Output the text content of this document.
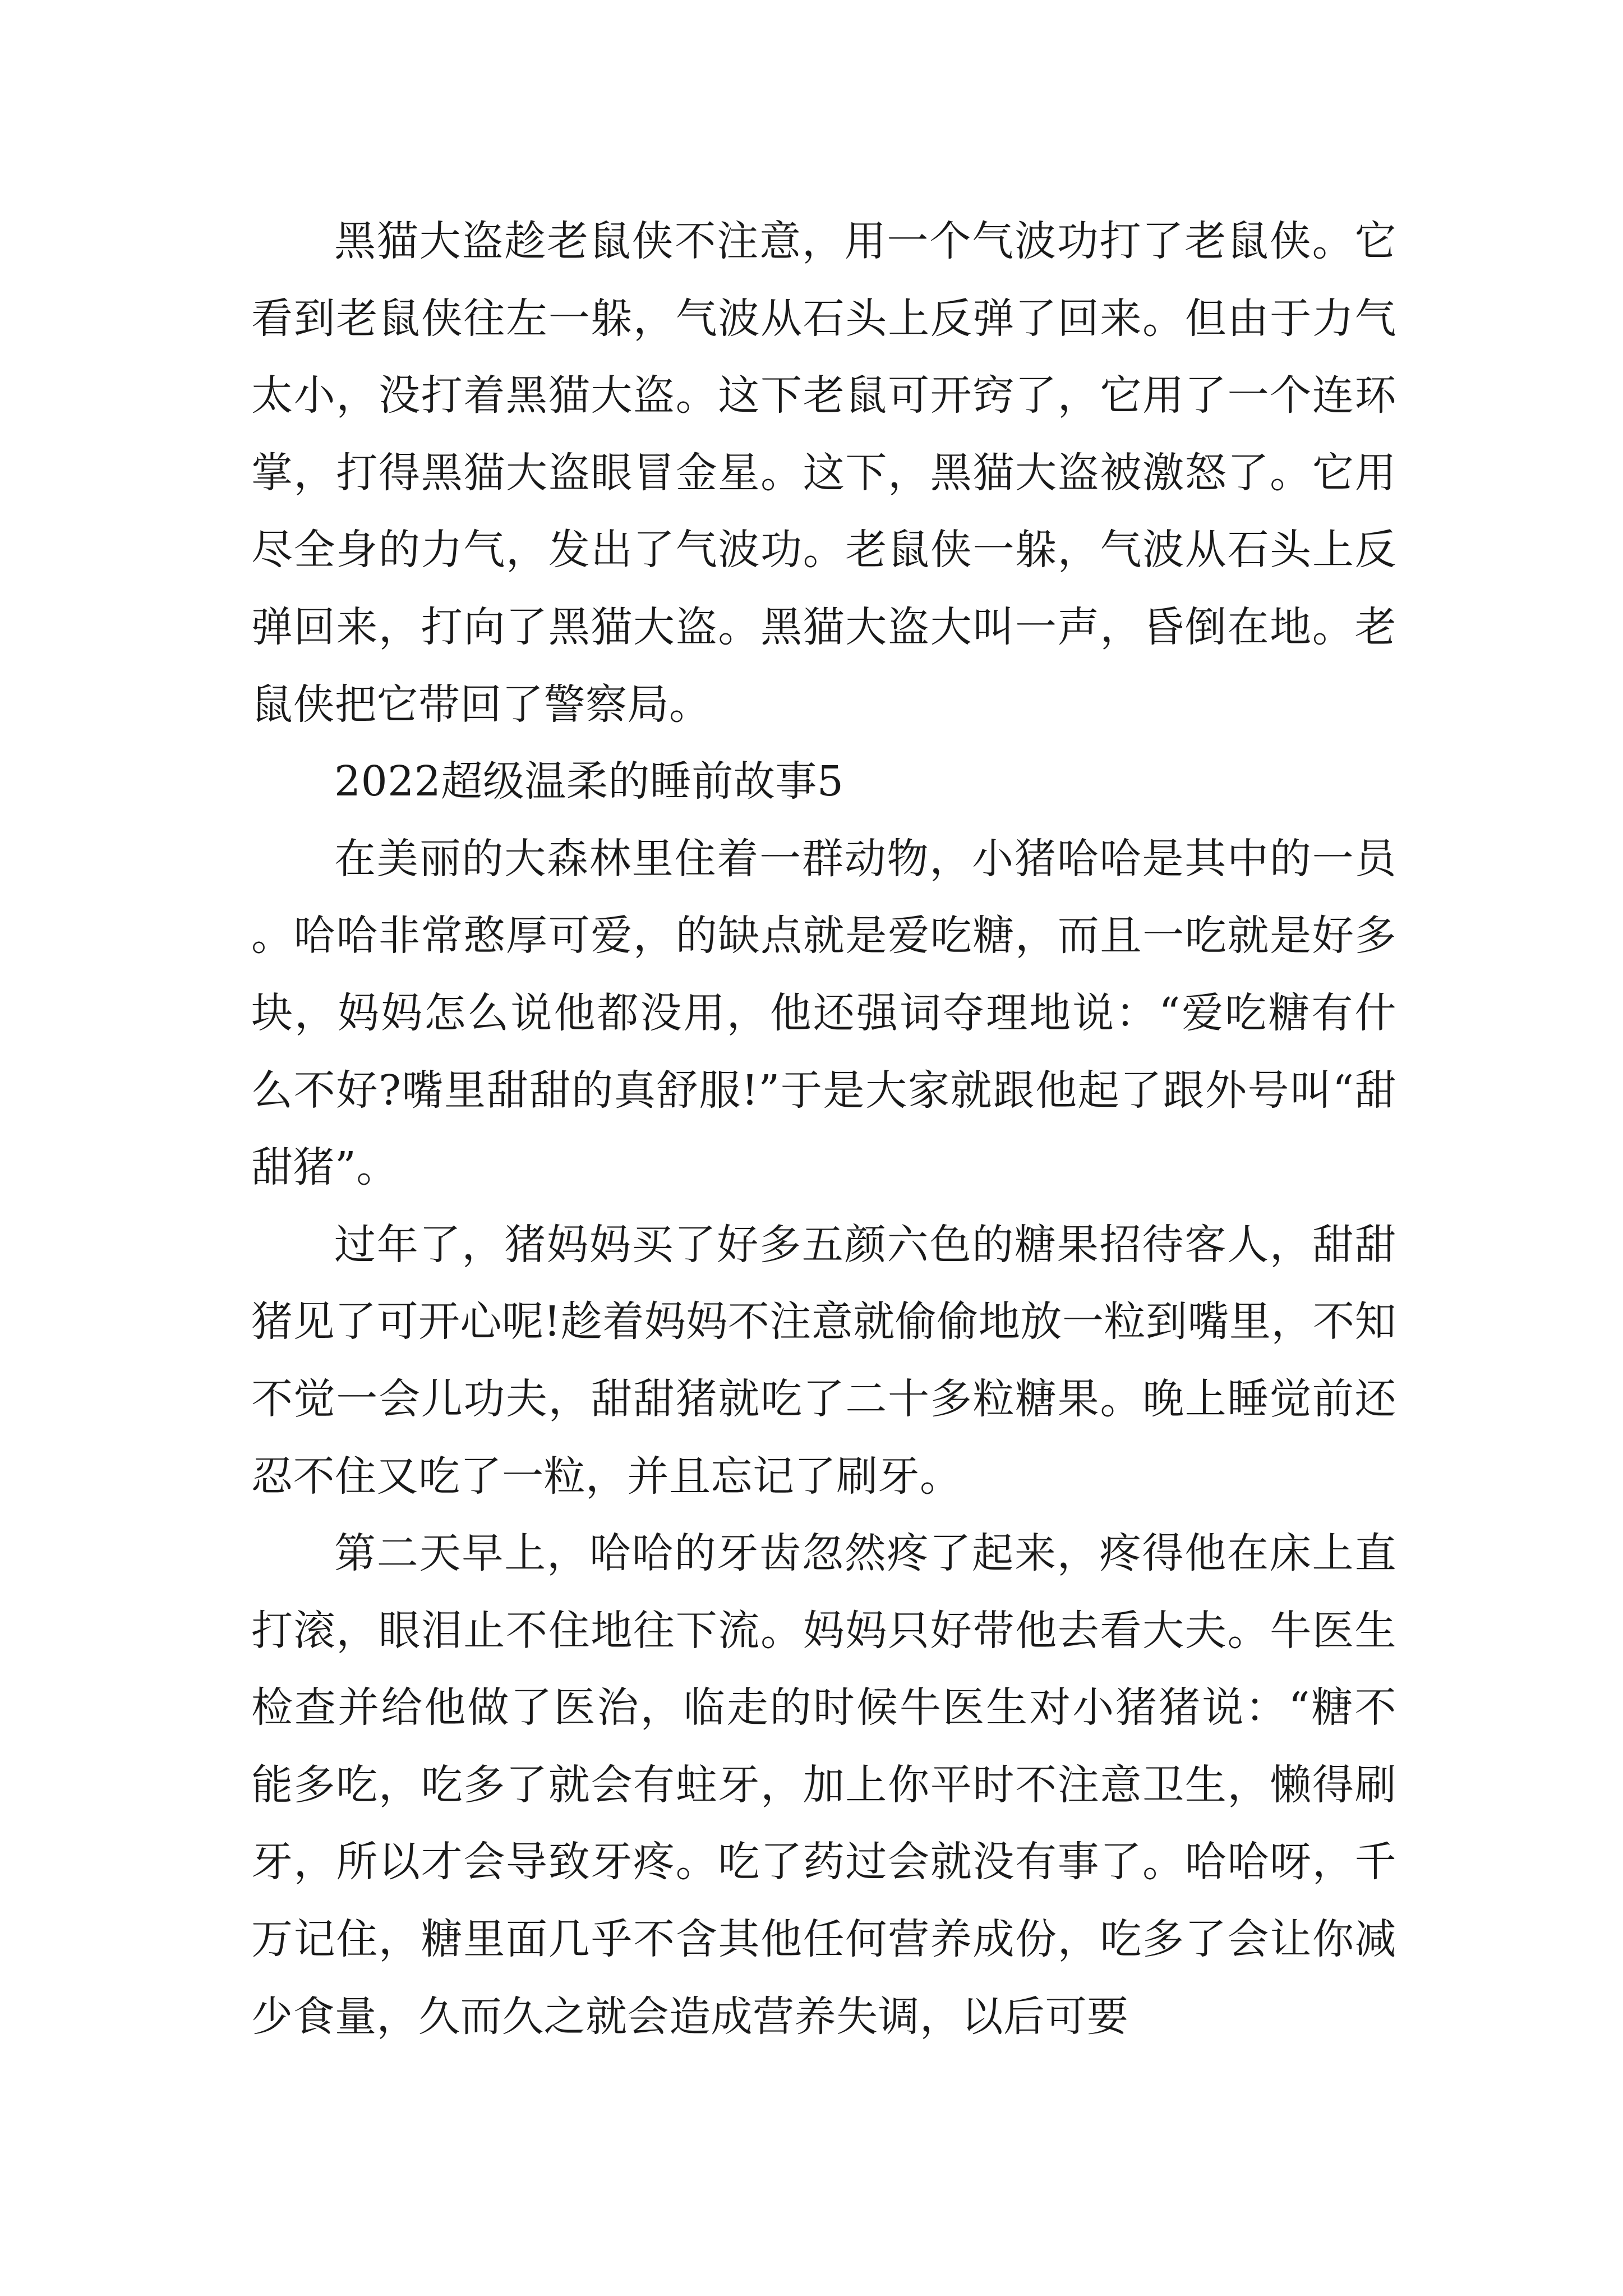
黑猫大盗趁老鼠侠不注意，用一个气波功打了老鼠侠。它看到老鼠侠往左一躲，气波从石头上反弹了回来。但由于力气太小，没打着黑猫大盗。这下老鼠可开窍了，它用了一个连环掌，打得黑猫大盗眼冒金星。这下，黑猫大盗被激怒了。它用尽全身的力气，发出了气波功。老鼠侠一躲，气波从石头上反弹回来，打向了黑猫大盗。黑猫大盗大叫一声，昏倒在地。老鼠侠把它带回了警察局。

2022超级温柔的睡前故事5

在美丽的大森林里住着一群动物，小猪哈哈是其中的一员。哈哈非常憨厚可爱，的缺点就是爱吃糖，而且一吃就是好多块，妈妈怎么说他都没用，他还强词夺理地说：“爱吃糖有什么不好?嘴里甜甜的真舒服!”于是大家就跟他起了跟外号叫“甜甜猪”。

过年了，猪妈妈买了好多五颜六色的糖果招待客人，甜甜猪见了可开心呢!趁着妈妈不注意就偷偷地放一粒到嘴里，不知不觉一会儿功夫，甜甜猪就吃了二十多粒糖果。晚上睡觉前还忍不住又吃了一粒，并且忘记了刷牙。

第二天早上，哈哈的牙齿忽然疼了起来，疼得他在床上直打滚，眼泪止不住地往下流。妈妈只好带他去看大夫。牛医生检查并给他做了医治，临走的时候牛医生对小猪猪说：“糖不能多吃，吃多了就会有蛀牙，加上你平时不注意卫生，懒得刷牙，所以才会导致牙疼。吃了药过会就没有事了。哈哈呀，千万记住，糖里面几乎不含其他任何营养成份，吃多了会让你减少食量，久而久之就会造成营养失调，以后可要
